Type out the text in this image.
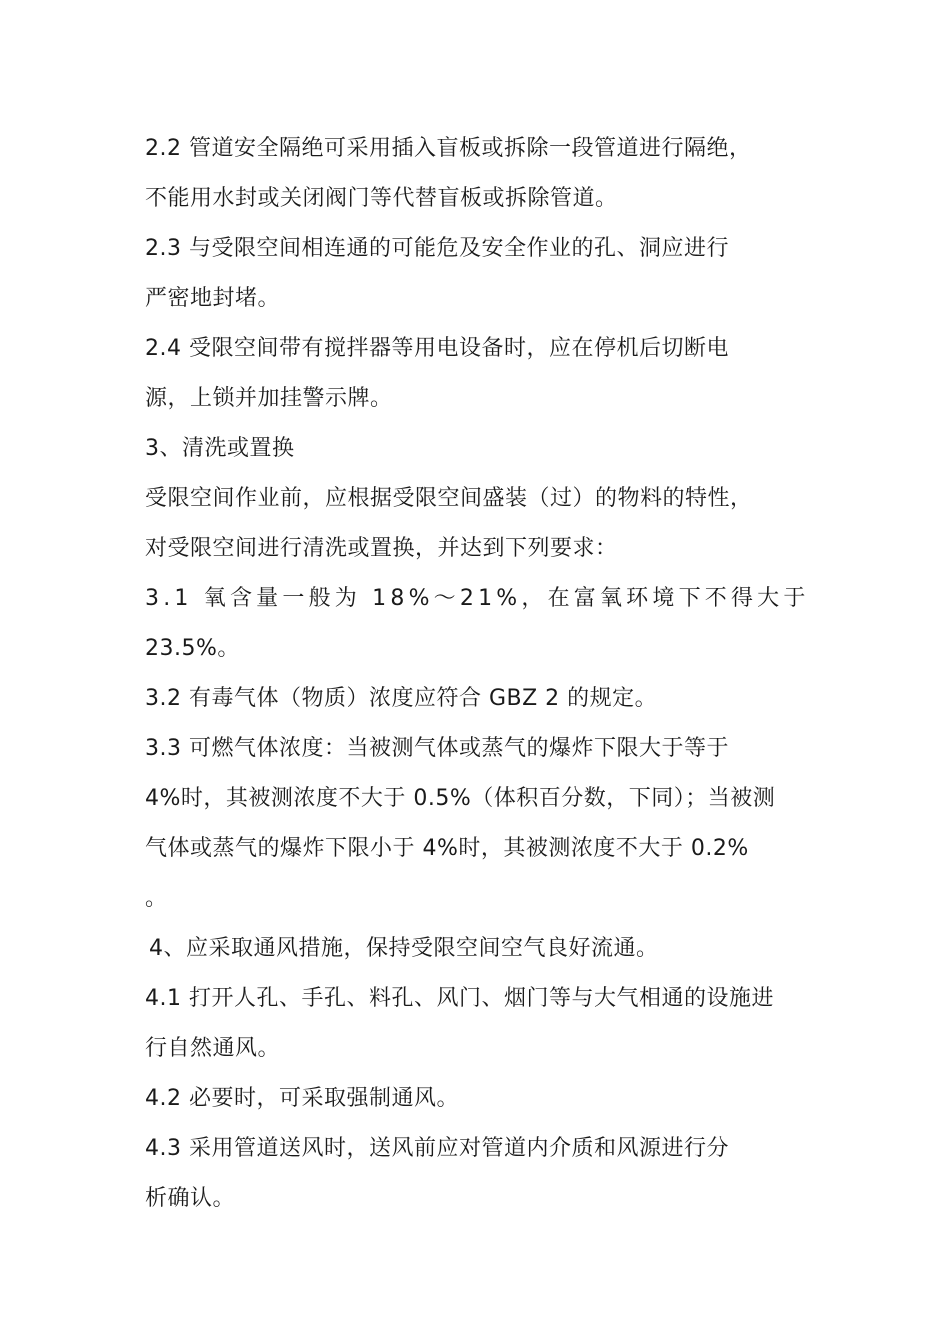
2.2 管道安全隔绝可采用插入盲板或拆除一段管道进行隔绝，
不能用水封或关闭阀门等代替盲板或拆除管道。
2.3 与受限空间相连通的可能危及安全作业的孔、洞应进行
严密地封堵。
2.4 受限空间带有搅拌器等用电设备时，应在停机后切断电
源，上锁并加挂警示牌。
3、清洗或置换
受限空间作业前，应根据受限空间盛装（过）的物料的特性，
对受限空间进行清洗或置换，并达到下列要求：
3.1 氧含量一般为 18%～21%，在富氧环境下不得大于
23.5%。
3.2 有毒气体（物质）浓度应符合 GBZ 2 的规定。
3.3 可燃气体浓度：当被测气体或蒸气的爆炸下限大于等于
4%时，其被测浓度不大于 0.5%（体积百分数，下同）；当被测
气体或蒸气的爆炸下限小于 4%时，其被测浓度不大于 0.2%
。
4、应采取通风措施，保持受限空间空气良好流通。
4.1 打开人孔、手孔、料孔、风门、烟门等与大气相通的设施进
行自然通风。
4.2 必要时，可采取强制通风。
4.3 采用管道送风时，送风前应对管道内介质和风源进行分
析确认。
